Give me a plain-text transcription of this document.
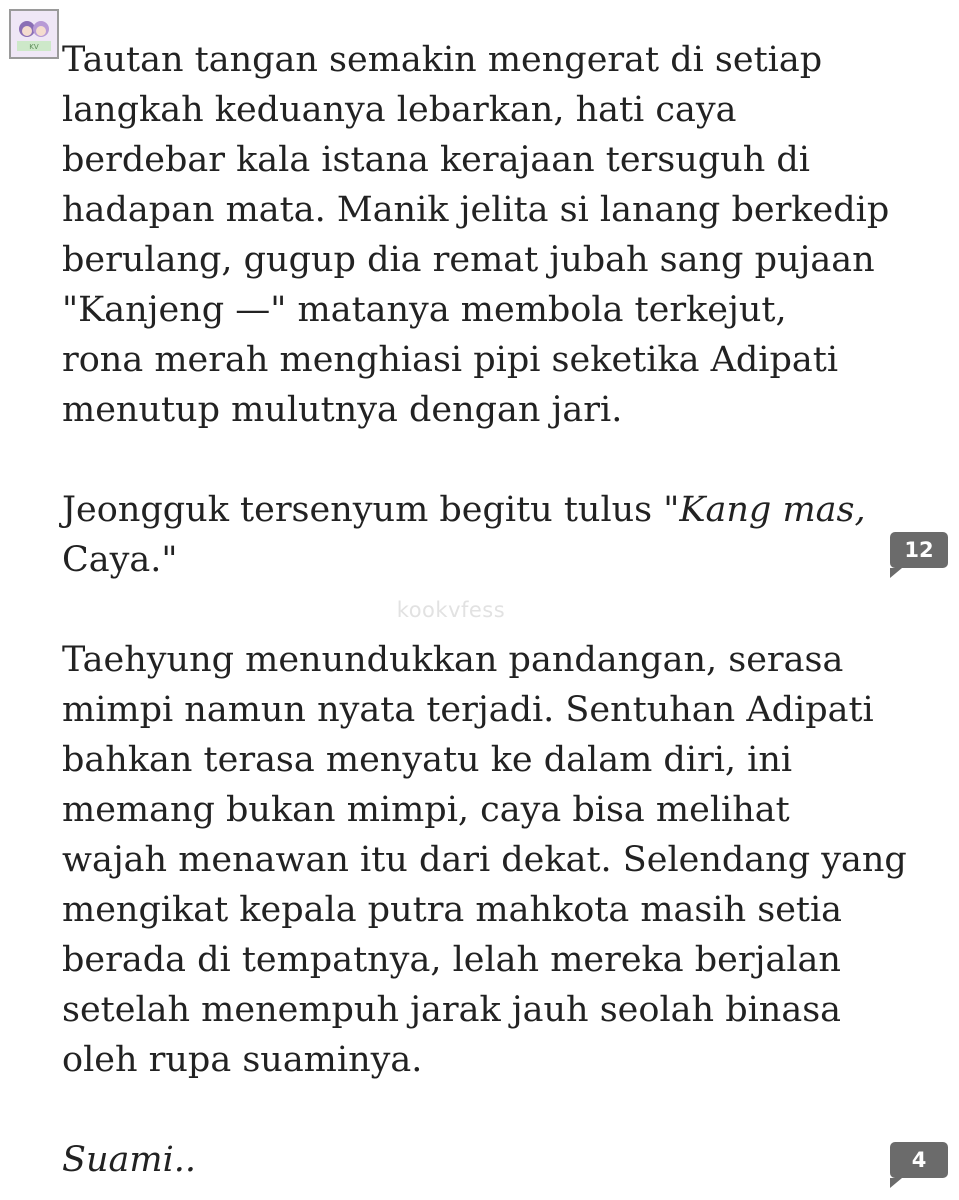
KV Tautan tangan semakin mengerat di setiap
langkah keduanya lebarkan, hati caya
berdebar kala istana kerajaan tersuguh di
hadapan mata. Manik jelita si lanang berkedip
berulang, gugup dia remat jubah sang pujaan
"Kanjeng —" matanya membola terkejut,
rona merah menghiasi pipi seketika Adipati
menutup mulutnya dengan jari.

Jeongguk tersenyum begitu tulus "Kang mas,
Caya."

kookvfess

Taehyung menundukkan pandangan, serasa
mimpi namun nyata terjadi. Sentuhan Adipati
bahkan terasa menyatu ke dalam diri, ini
memang bukan mimpi, caya bisa melihat
wajah menawan itu dari dekat. Selendang yang
mengikat kepala putra mahkota masih setia
berada di tempatnya, lelah mereka berjalan
setelah menempuh jarak jauh seolah binasa
oleh rupa suaminya.

Suami..

12
4
